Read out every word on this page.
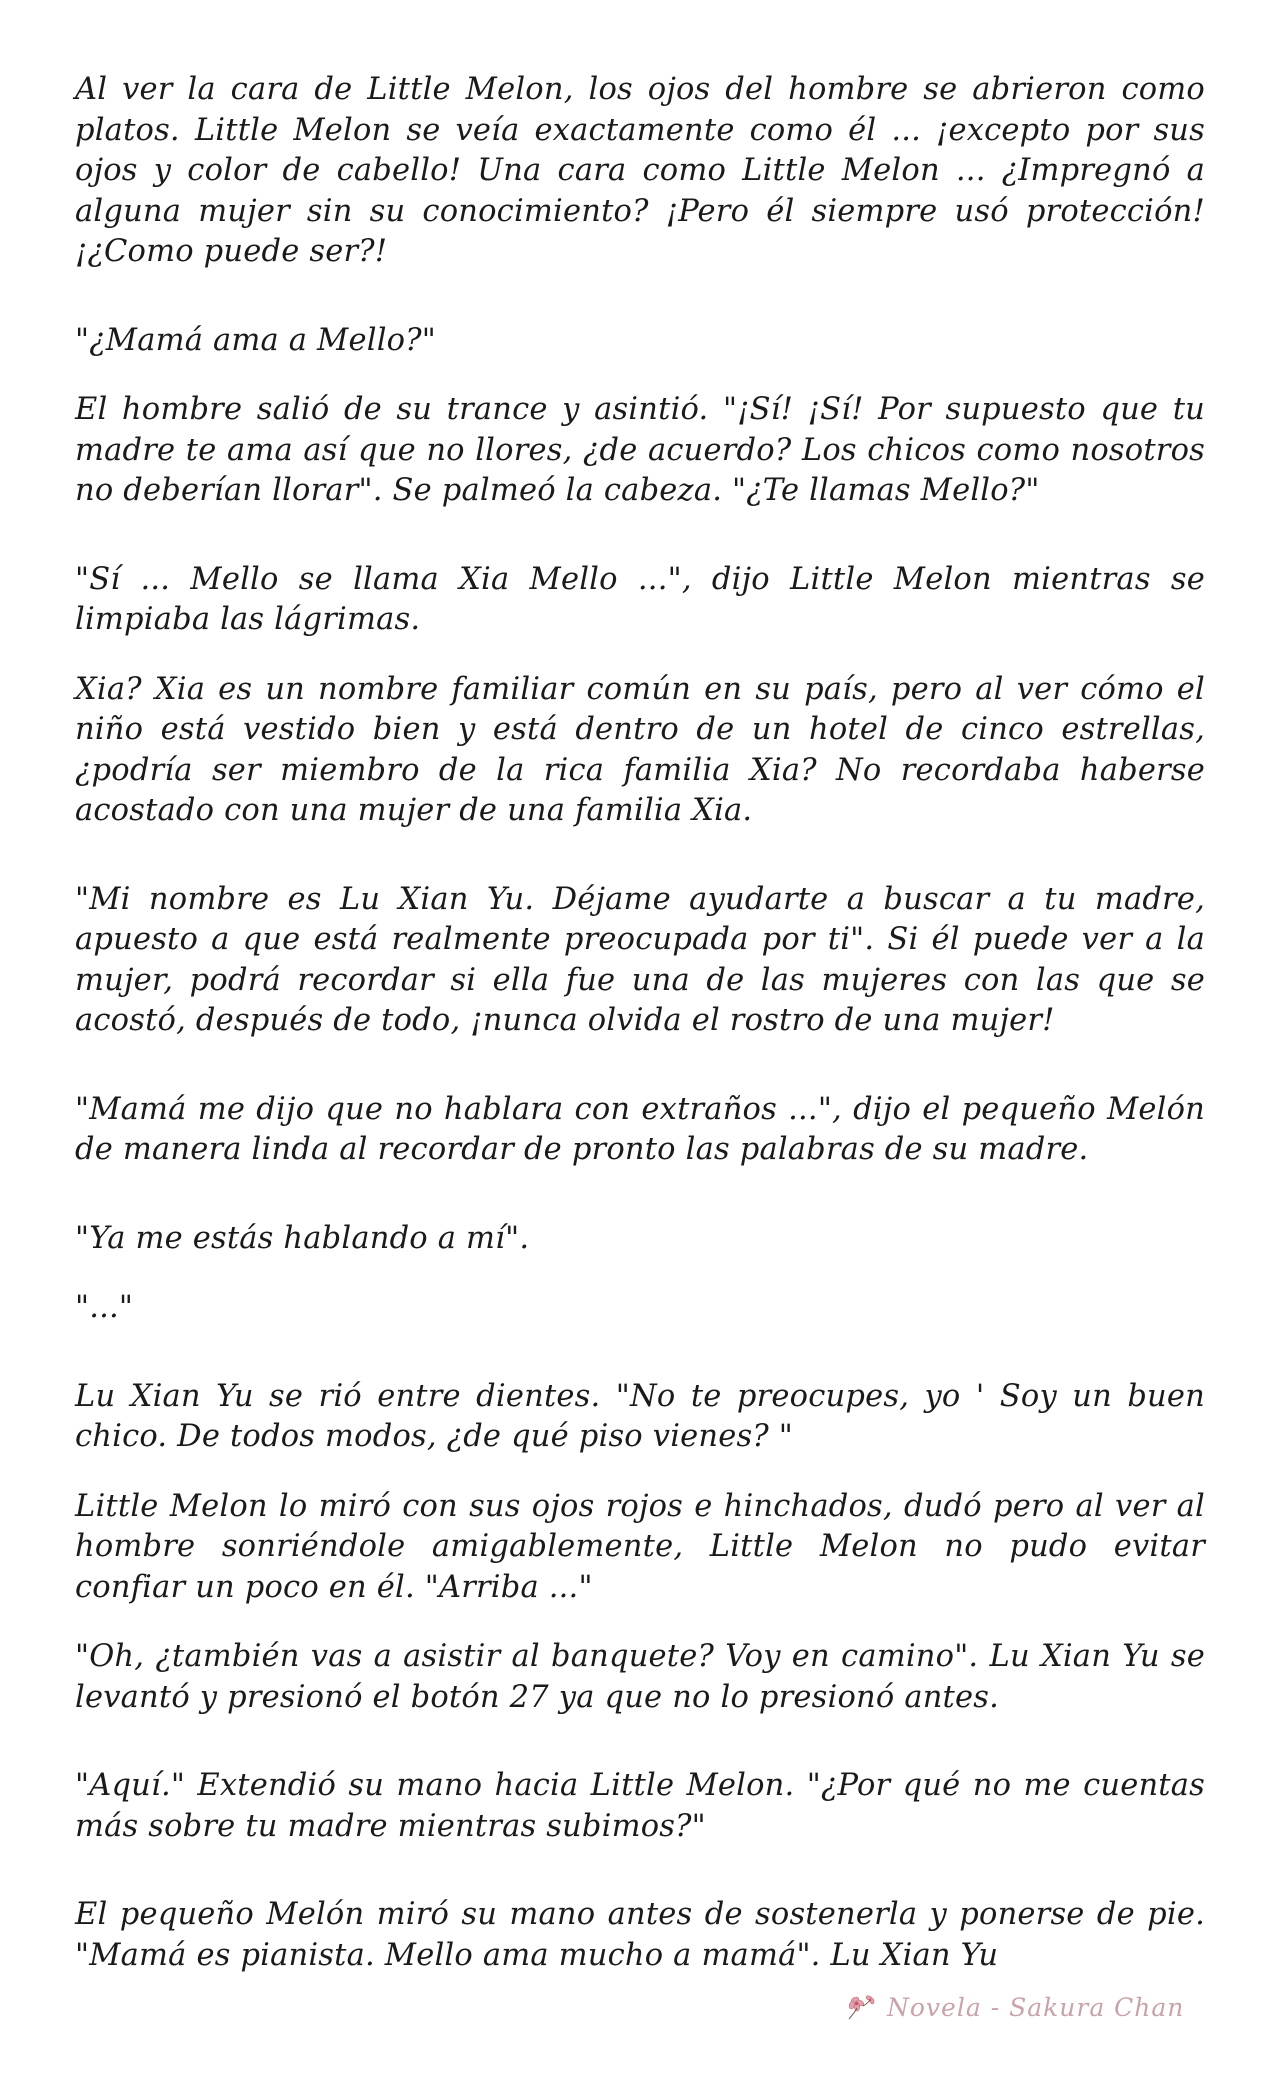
Al ver la cara de Little Melon, los ojos del hombre se abrieron como platos. Little Melon se veía exactamente como él ... ¡excepto por sus ojos y color de cabello! Una cara como Little Melon ... ¿Impregnó a alguna mujer sin su conocimiento? ¡Pero él siempre usó protección! ¡¿Como puede ser?!

"¿Mamá ama a Mello?"

El hombre salió de su trance y asintió. "¡Sí! ¡Sí! Por supuesto que tu madre te ama así que no llores, ¿de acuerdo? Los chicos como nosotros no deberían llorar". Se palmeó la cabeza. "¿Te llamas Mello?"

"Sí ... Mello se llama Xia Mello ...", dijo Little Melon mientras se limpiaba las lágrimas.

Xia? Xia es un nombre familiar común en su país, pero al ver cómo el niño está vestido bien y está dentro de un hotel de cinco estrellas, ¿podría ser miembro de la rica familia Xia? No recordaba haberse acostado con una mujer de una familia Xia.

"Mi nombre es Lu Xian Yu. Déjame ayudarte a buscar a tu madre, apuesto a que está realmente preocupada por ti". Si él puede ver a la mujer, podrá recordar si ella fue una de las mujeres con las que se acostó, después de todo, ¡nunca olvida el rostro de una mujer!

"Mamá me dijo que no hablara con extraños ...", dijo el pequeño Melón de manera linda al recordar de pronto las palabras de su madre.

"Ya me estás hablando a mí".

"..."

Lu Xian Yu se rió entre dientes. "No te preocupes, yo ' Soy un buen chico. De todos modos, ¿de qué piso vienes? "

Little Melon lo miró con sus ojos rojos e hinchados, dudó pero al ver al hombre sonriéndole amigablemente, Little Melon no pudo evitar confiar un poco en él. "Arriba ..."

"Oh, ¿también vas a asistir al banquete? Voy en camino". Lu Xian Yu se levantó y presionó el botón 27 ya que no lo presionó antes.

"Aquí." Extendió su mano hacia Little Melon. "¿Por qué no me cuentas más sobre tu madre mientras subimos?"

El pequeño Melón miró su mano antes de sostenerla y ponerse de pie. "Mamá es pianista. Mello ama mucho a mamá". Lu Xian Yu

Novela - Sakura Chan
